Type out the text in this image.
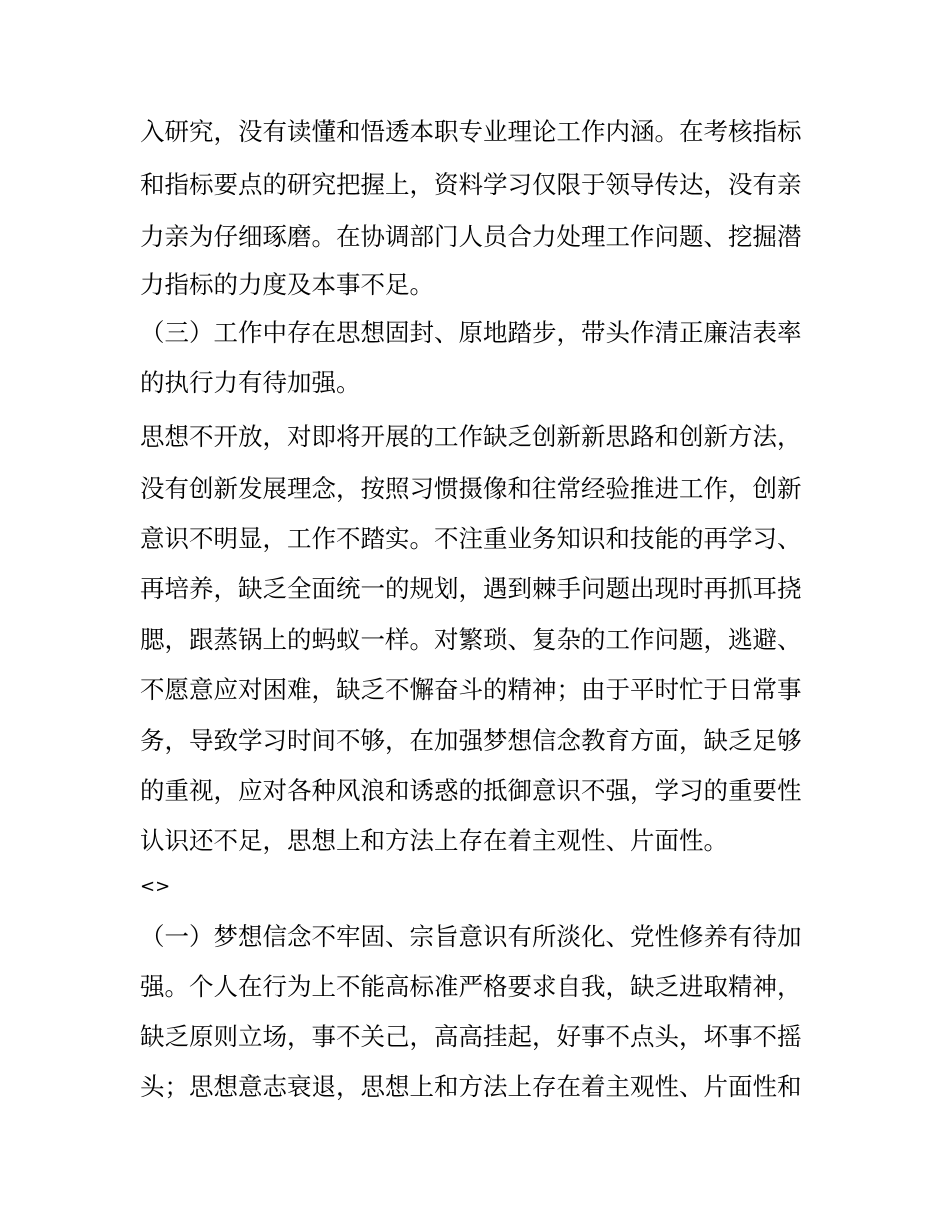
入研究，没有读懂和悟透本职专业理论工作内涵。在考核指标
和指标要点的研究把握上，资料学习仅限于领导传达，没有亲
力亲为仔细琢磨。在协调部门人员合力处理工作问题、挖掘潜
力指标的力度及本事不足。
（三）工作中存在思想固封、原地踏步，带头作清正廉洁表率
的执行力有待加强。
思想不开放，对即将开展的工作缺乏创新新思路和创新方法，
没有创新发展理念，按照习惯摄像和往常经验推进工作，创新
意识不明显，工作不踏实。不注重业务知识和技能的再学习、
再培养，缺乏全面统一的规划，遇到棘手问题出现时再抓耳挠
腮，跟蒸锅上的蚂蚁一样。对繁琐、复杂的工作问题，逃避、
不愿意应对困难，缺乏不懈奋斗的精神；由于平时忙于日常事
务，导致学习时间不够，在加强梦想信念教育方面，缺乏足够
的重视，应对各种风浪和诱惑的抵御意识不强，学习的重要性
认识还不足，思想上和方法上存在着主观性、片面性。
<>
（一）梦想信念不牢固、宗旨意识有所淡化、党性修养有待加
强。个人在行为上不能高标准严格要求自我，缺乏进取精神，
缺乏原则立场，事不关己，高高挂起，好事不点头，坏事不摇
头；思想意志衰退，思想上和方法上存在着主观性、片面性和
